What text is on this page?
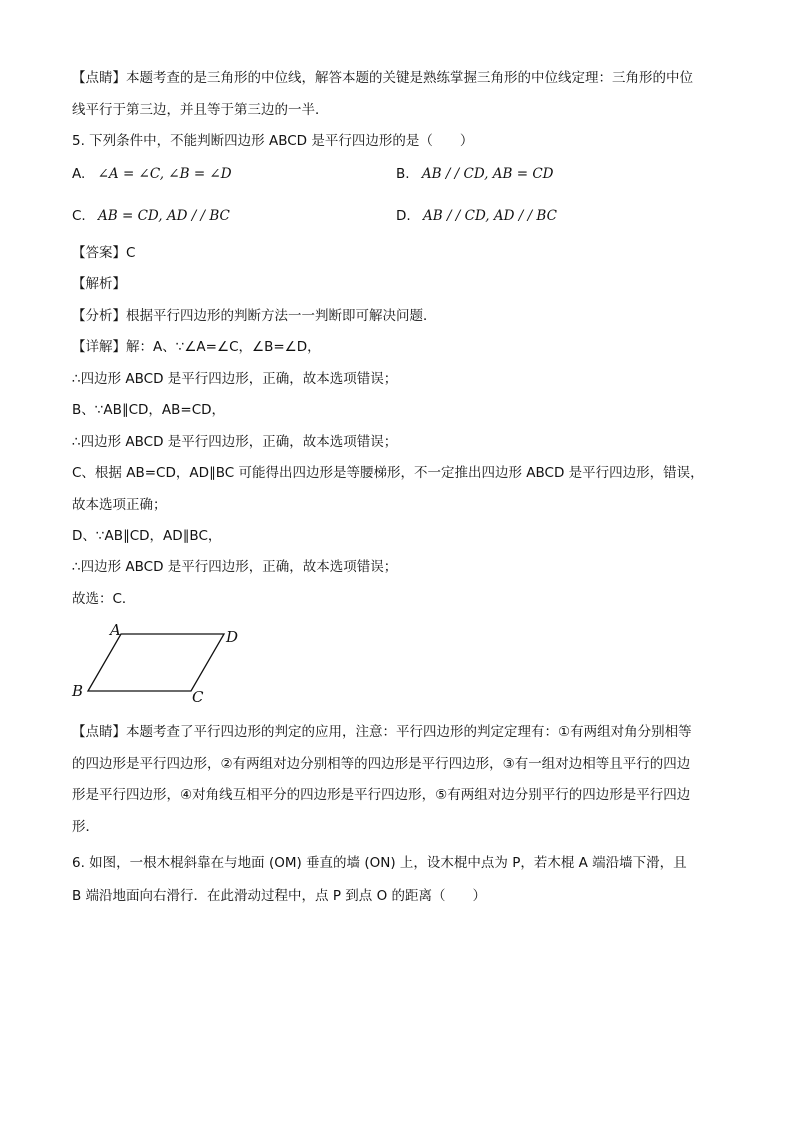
【点睛】本题考查的是三角形的中位线，解答本题的关键是熟练掌握三角形的中位线定理：三角形的中位
线平行于第三边，并且等于第三边的一半．
5. 下列条件中，不能判断四边形 ABCD 是平行四边形的是（　　）
A. ∠A = ∠C, ∠B = ∠D	B. AB / / CD, AB = CD
C. AB = CD, AD / / BC	D. AB / / CD, AD / / BC
【答案】C
【解析】
【分析】根据平行四边形的判断方法一一判断即可解决问题．
【详解】解：A、∵∠A=∠C，∠B=∠D，
∴四边形 ABCD 是平行四边形，正确，故本选项错误；
B、∵AB∥CD，AB=CD，
∴四边形 ABCD 是平行四边形，正确，故本选项错误；
C、根据 AB=CD，AD∥BC 可能得出四边形是等腰梯形，不一定推出四边形 ABCD 是平行四边形，错误，
故本选项正确；
D、∵AB∥CD，AD∥BC，
∴四边形 ABCD 是平行四边形，正确，故本选项错误；
故选：C．
A	D
B	C
【点睛】本题考查了平行四边形的判定的应用，注意：平行四边形的判定定理有：①有两组对角分别相等
的四边形是平行四边形，②有两组对边分别相等的四边形是平行四边形，③有一组对边相等且平行的四边
形是平行四边形，④对角线互相平分的四边形是平行四边形，⑤有两组对边分别平行的四边形是平行四边
形．
6. 如图，一根木棍斜靠在与地面 (OM) 垂直的墙 (ON) 上，设木棍中点为 P，若木棍 A 端沿墙下滑，且
B 端沿地面向右滑行．在此滑动过程中，点 P 到点 O 的距离（　　）
